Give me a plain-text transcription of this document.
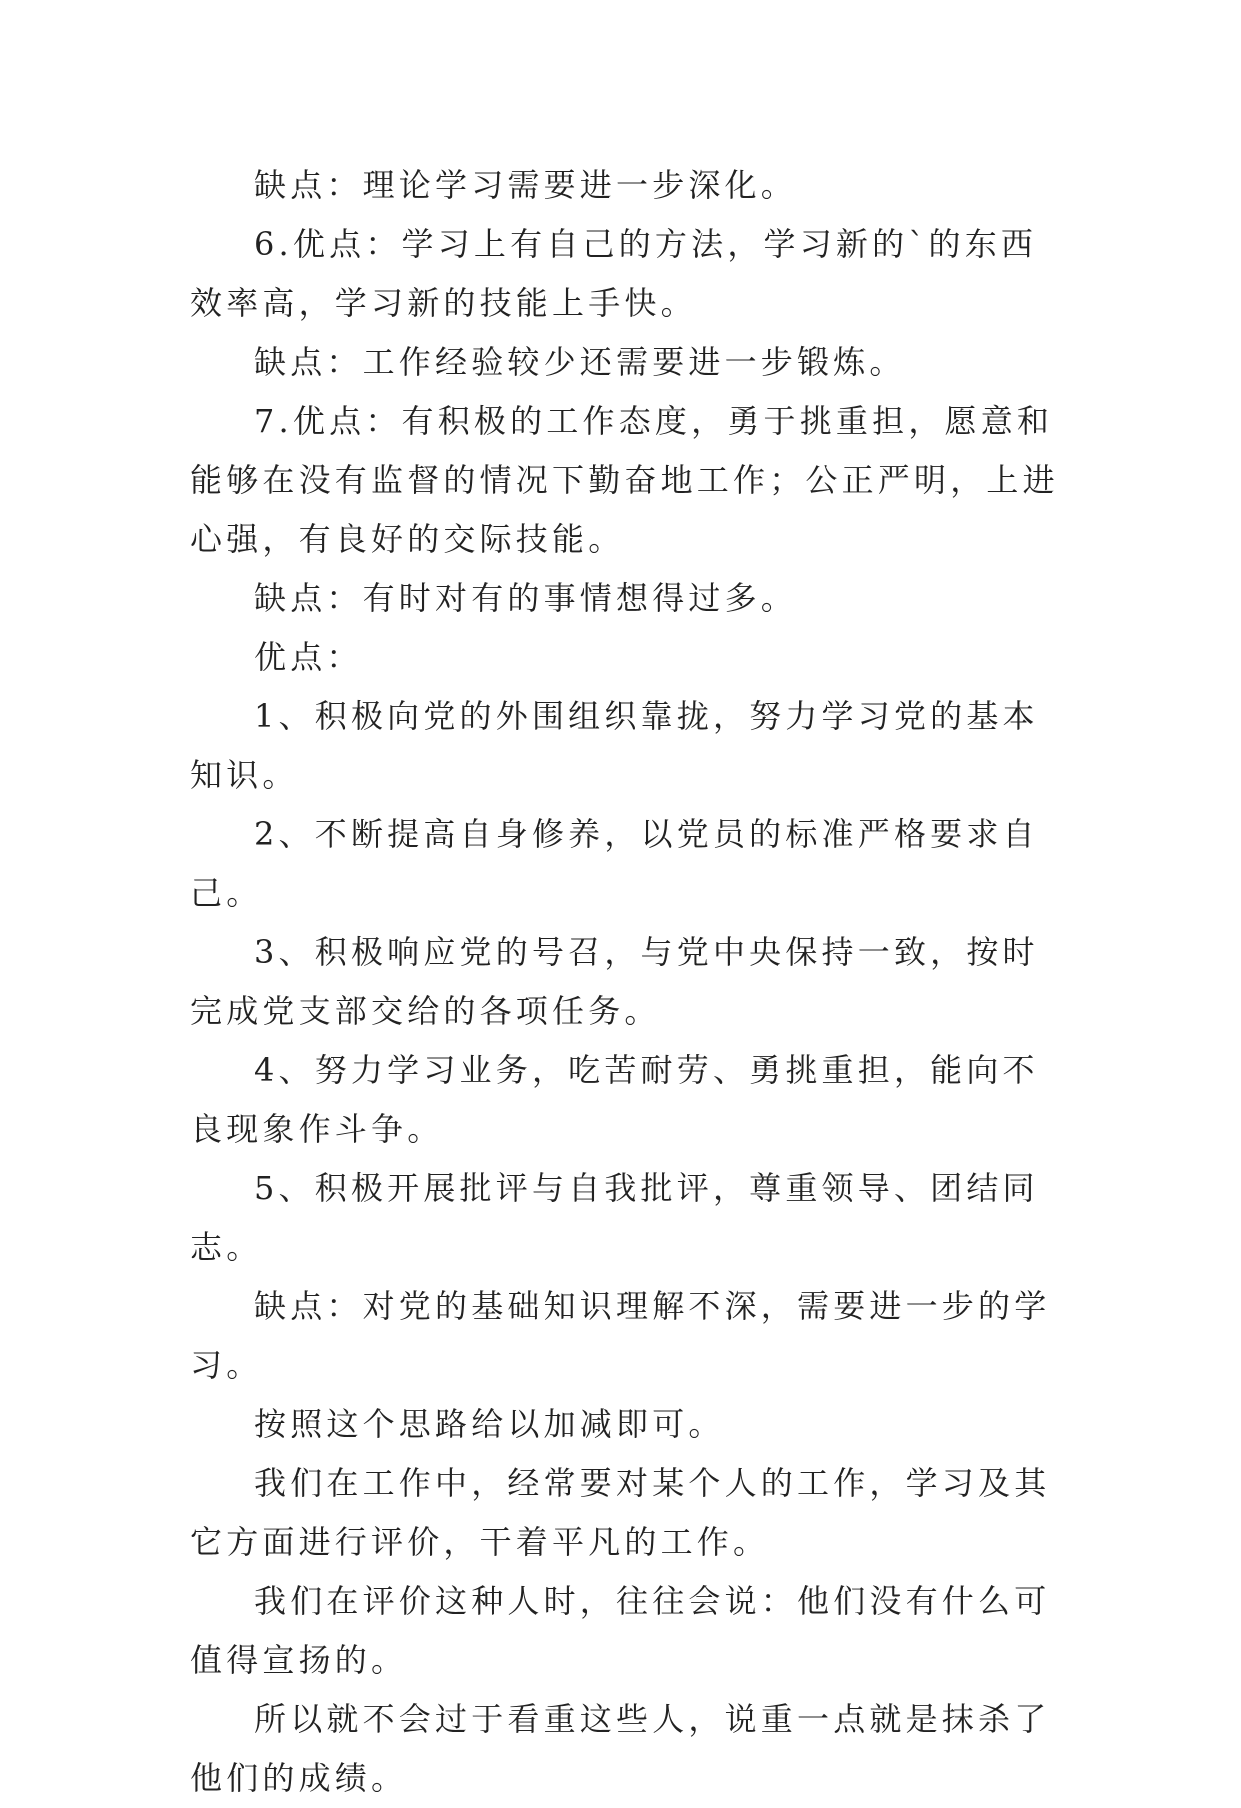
缺点：理论学习需要进一步深化。

6.优点：学习上有自己的方法，学习新的`的东西效率高，学习新的技能上手快。

缺点：工作经验较少还需要进一步锻炼。

7.优点：有积极的工作态度，勇于挑重担，愿意和能够在没有监督的情况下勤奋地工作；公正严明，上进心强，有良好的交际技能。

缺点：有时对有的事情想得过多。

优点：

1、积极向党的外围组织靠拢，努力学习党的基本知识。

2、不断提高自身修养，以党员的标准严格要求自己。

3、积极响应党的号召，与党中央保持一致，按时完成党支部交给的各项任务。

4、努力学习业务，吃苦耐劳、勇挑重担，能向不良现象作斗争。

5、积极开展批评与自我批评，尊重领导、团结同志。

缺点：对党的基础知识理解不深，需要进一步的学习。

按照这个思路给以加减即可。

我们在工作中，经常要对某个人的工作，学习及其它方面进行评价，干着平凡的工作。

我们在评价这种人时，往往会说：他们没有什么可值得宣扬的。

所以就不会过于看重这些人，说重一点就是抹杀了他们的成绩。
